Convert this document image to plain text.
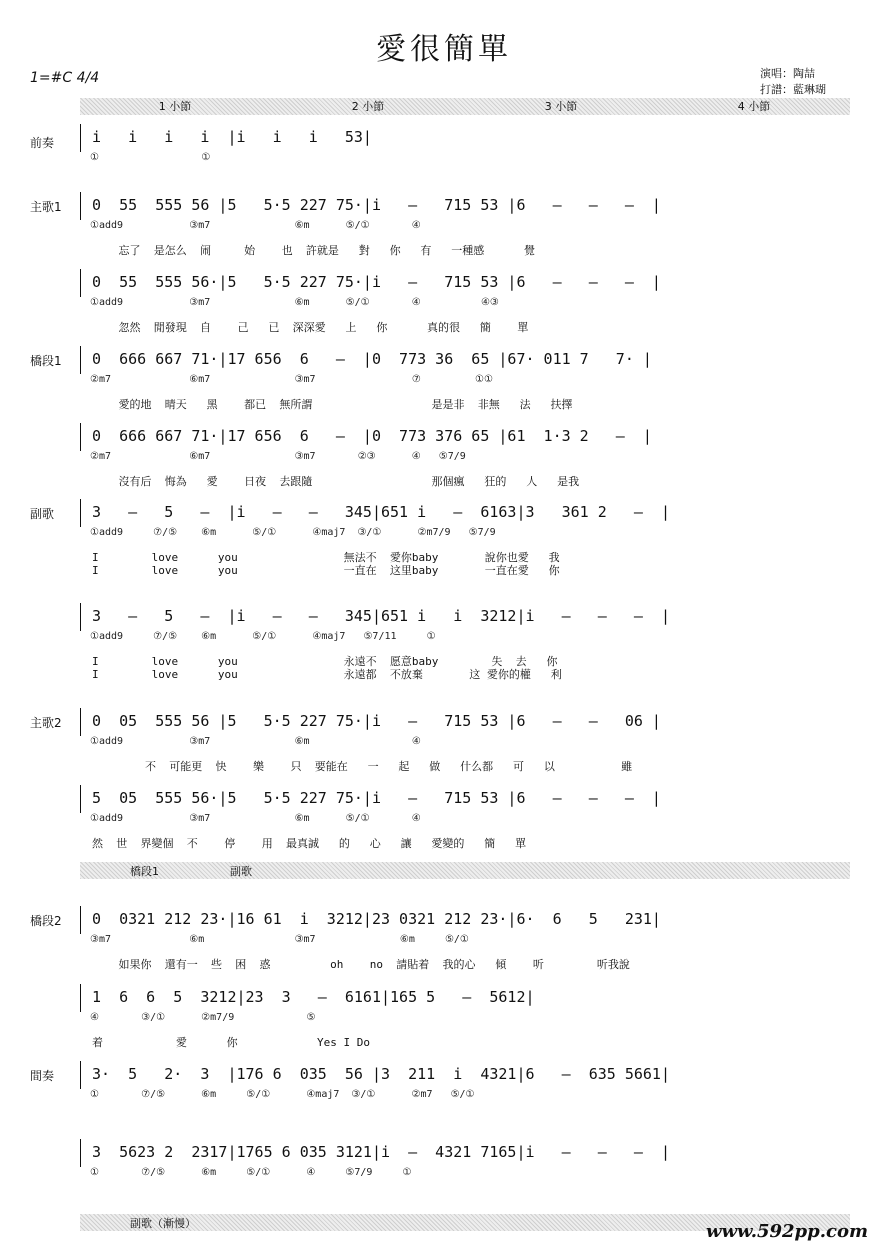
愛很簡單
1=#C 4/4	演唱：陶喆
打譜：藍琳瑚
1 小節	2 小節	3 小節	4 小節
前奏	i   i   i   i  |i   i   i   53|
①                 ①
主歌1 0  55  555 56 |5   5·5 227 75·|i   —   715 53 |6   —   —   —  |
①add9           ③m7              ⑥m      ⑤/①       ④
忘了  是怎么  闹     始    也  許就是   對   你   有   一種感      覺
0  55  555 56·|5   5·5 227 75·|i   —   715 53 |6   —   —   —  |
①add9           ③m7              ⑥m      ⑤/①       ④          ④③
忽然  閒發現  自    己   已  深深愛   上   你      真的很   簡    單
橋段1 0  666 667 71·|17 656  6   —  |0  773 36  65 |67· 011 7   7· |
②m7             ⑥m7              ③m7                ⑦         ①①
愛的地  晴天   黑    都已  無所謂                  是是非  非無   法   扶擇
0  666 667 71·|17 656  6   —  |0  773 376 65 |61  1·3 2   —  |
②m7             ⑥m7              ③m7       ②③      ④   ⑤7/9
沒有后  悔為   愛    日夜  去跟隨                  那個瘋   狂的   人   是我
副歌	3   —   5   —  |i   —   —   345|651 i   —  6163|3   361 2   —  |
①add9     ⑦/⑤    ⑥m      ⑤/①      ④maj7  ③/①      ②m7/9   ⑤7/9
I        love      you                無法不  愛你baby       說你也愛   我
I        love      you                一直在  这里baby       一直在愛   你
3   —   5   —  |i   —   —   345|651 i   i  3212|i   —   —   —  |
①add9     ⑦/⑤    ⑥m      ⑤/①      ④maj7   ⑤7/11     ①
I        love      you                永遠不  愿意baby        失  去   你
I        love      you                永遠都  不放棄       这 愛你的權   利
主歌2 0  05  555 56 |5   5·5 227 75·|i   —   715 53 |6   —   —   06 |
①add9           ③m7              ⑥m                 ④
不  可能更  快    樂    只  要能在   一   起   做   什么都   可   以          雖
5  05  555 56·|5   5·5 227 75·|i   —   715 53 |6   —   —   —  |
①add9           ③m7              ⑥m      ⑤/①       ④
然  世  界變個  不    停    用  最真誠   的   心   讓   愛變的   簡   單
橋段2 0  0321 212 23·|16 61  i  3212|23 0321 212 23·|6·  6   5   231|
③m7             ⑥m               ③m7              ⑥m     ⑤/①
如果你  還有一  些  困  惑         oh    no  請貼着  我的心   傾    听        听我說
1  6  6  5  3212|23  3   —  6161|165 5   —  5612|
④       ③/①      ②m7/9            ⑤
着           愛      你            Yes I Do
間奏	3·  5   2·  3  |176 6  035  56 |3  211  i  4321|6   —  635 5661|
①       ⑦/⑤      ⑥m     ⑤/①      ④maj7  ③/①      ②m7   ⑤/①
3  5623 2  2317|1765 6 035 3121|i  —  4321 7165|i   —   —   —  |
①       ⑦/⑤      ⑥m     ⑤/①      ④     ⑤7/9     ①
橋段1	副歌
副歌（漸慢）	www.592pp.com
